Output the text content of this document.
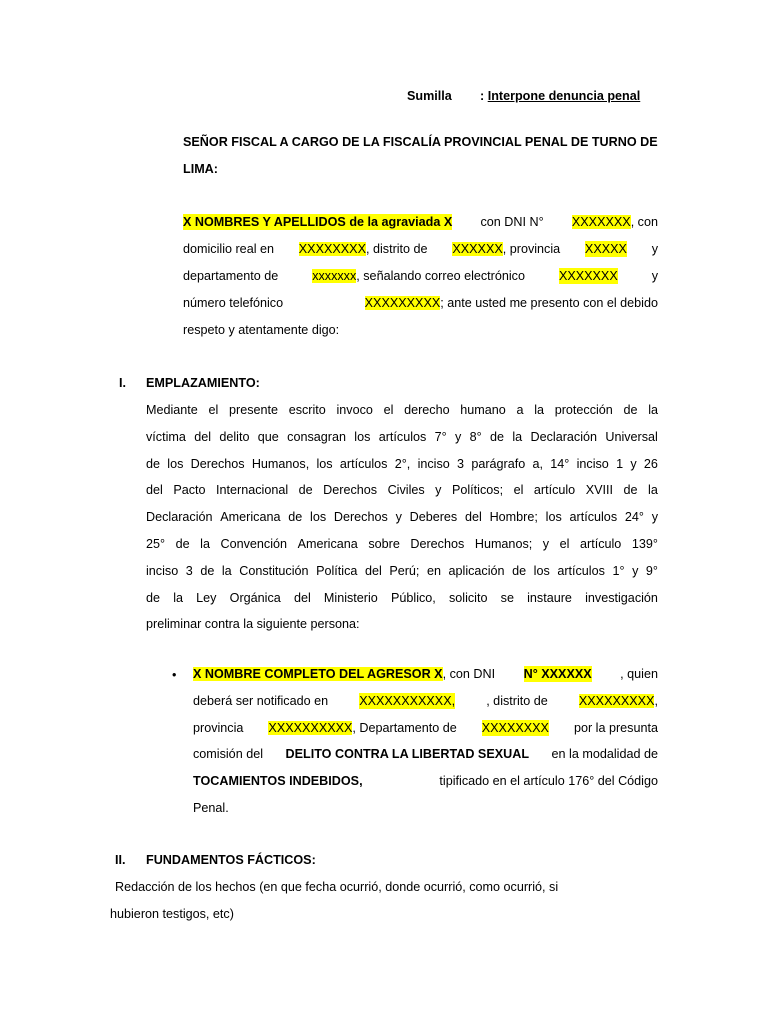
Sumilla : Interpone denuncia penal
SEÑOR FISCAL A CARGO DE LA FISCALÍA PROVINCIAL PENAL DE TURNO DE
LIMA:
X NOMBRES Y APELLIDOS de la agraviada X con DNI N° XXXXXXX, con
domicilio real en XXXXXXXX, distrito de XXXXXX, provincia XXXXX y
departamento de	xxxxxxx, señalando correo electrónico	XXXXXXX	y
número telefónico	XXXXXXXXX; ante usted me presento con el debido
respeto y atentamente digo:
I. EMPLAZAMIENTO:
Mediante el presente escrito invoco el derecho humano a la protección de la
víctima del delito que consagran los artículos 7° y 8° de la Declaración Universal
de los Derechos Humanos, los artículos 2°, inciso 3 parágrafo a, 14° inciso 1 y 26
del Pacto Internacional de Derechos Civiles y Políticos; el artículo XVIII de la
Declaración Americana de los Derechos y Deberes del Hombre; los artículos 24° y
25° de la Convención Americana sobre Derechos Humanos; y el artículo 139°
inciso 3 de la Constitución Política del Perú; en aplicación de los artículos 1° y 9°
de la Ley Orgánica del Ministerio Público, solicito se instaure investigación
preliminar contra la siguiente persona:
• X NOMBRE COMPLETO DEL AGRESOR X, con DNI N° XXXXXX , quien
deberá ser notificado en XXXXXXXXXXX, , distrito de XXXXXXXXX,
provincia XXXXXXXXXX, Departamento de XXXXXXXX por la presunta
comisión del DELITO CONTRA LA LIBERTAD SEXUAL en la modalidad de
TOCAMIENTOS INDEBIDOS,	tipificado en el artículo 176° del Código
Penal.
II. FUNDAMENTOS FÁCTICOS:
Redacción de los hechos (en que fecha ocurrió, donde ocurrió, como ocurrió, si
hubieron testigos, etc)
